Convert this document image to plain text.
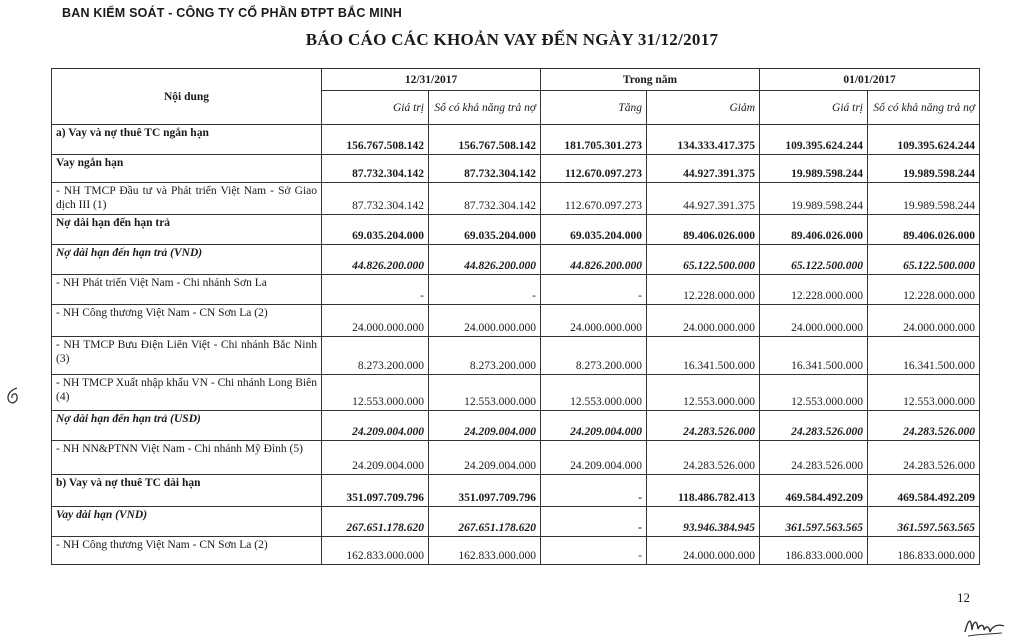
BAN KIỂM SOÁT - CÔNG TY CỔ PHẦN ĐTPT BẮC MINH
BÁO CÁO CÁC KHOẢN VAY ĐẾN NGÀY 31/12/2017
Nội dung	12/31/2017		Trong năm		01/01/2017	
	Giá trị	Số có khả năng trả nợ	Tăng	Giảm	Giá trị	Số có khả năng trả nợ
a) Vay và nợ thuê TC ngắn hạn	156.767.508.142	156.767.508.142	181.705.301.273	134.333.417.375	109.395.624.244	109.395.624.244
Vay ngắn hạn	87.732.304.142	87.732.304.142	112.670.097.273	44.927.391.375	19.989.598.244	19.989.598.244
- NH TMCP Đầu tư và Phát triển Việt Nam - Sở Giao dịch III (1)	87.732.304.142	87.732.304.142	112.670.097.273	44.927.391.375	19.989.598.244	19.989.598.244
Nợ dài hạn đến hạn trả	69.035.204.000	69.035.204.000	69.035.204.000	89.406.026.000	89.406.026.000	89.406.026.000
Nợ dài hạn đến hạn trả (VND)	44.826.200.000	44.826.200.000	44.826.200.000	65.122.500.000	65.122.500.000	65.122.500.000
- NH Phát triển Việt Nam - Chi nhánh Sơn La	-	-	-	12.228.000.000	12.228.000.000	12.228.000.000
- NH Công thương Việt Nam - CN Sơn La (2)	24.000.000.000	24.000.000.000	24.000.000.000	24.000.000.000	24.000.000.000	24.000.000.000
- NH TMCP Bưu Điện Liên Việt - Chi nhánh Bắc Ninh (3)	8.273.200.000	8.273.200.000	8.273.200.000	16.341.500.000	16.341.500.000	16.341.500.000
- NH TMCP Xuất nhập khẩu VN - Chi nhánh Long Biên (4)	12.553.000.000	12.553.000.000	12.553.000.000	12.553.000.000	12.553.000.000	12.553.000.000
Nợ dài hạn đến hạn trả (USD)	24.209.004.000	24.209.004.000	24.209.004.000	24.283.526.000	24.283.526.000	24.283.526.000
- NH NN&PTNN Việt Nam - Chi nhánh Mỹ Đình (5)	24.209.004.000	24.209.004.000	24.209.004.000	24.283.526.000	24.283.526.000	24.283.526.000
b) Vay và nợ thuê TC dài hạn	351.097.709.796	351.097.709.796	-	118.486.782.413	469.584.492.209	469.584.492.209
Vay dài hạn (VND)	267.651.178.620	267.651.178.620	-	93.946.384.945	361.597.563.565	361.597.563.565
- NH Công thương Việt Nam - CN Sơn La (2)	162.833.000.000	162.833.000.000	-	24.000.000.000	186.833.000.000	186.833.000.000
12
